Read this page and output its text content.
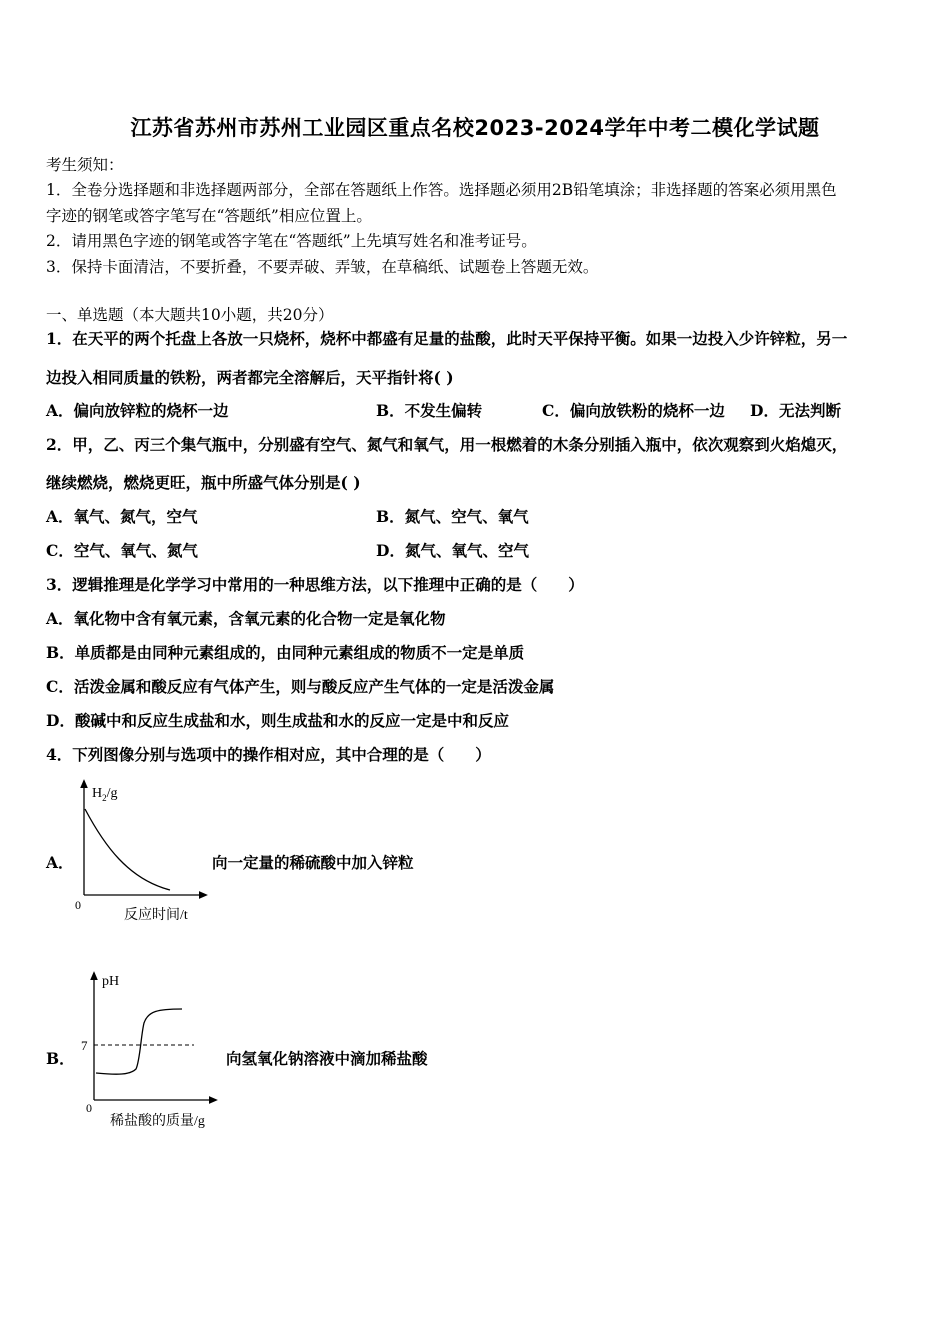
江苏省苏州市苏州工业园区重点名校2023-2024学年中考二模化学试题
考生须知：
1．全卷分选择题和非选择题两部分，全部在答题纸上作答。选择题必须用2B铅笔填涂；非选择题的答案必须用黑色
字迹的钢笔或答字笔写在“答题纸”相应位置上。
2．请用黑色字迹的钢笔或答字笔在“答题纸”上先填写姓名和准考证号。
3．保持卡面清洁，不要折叠，不要弄破、弄皱，在草稿纸、试题卷上答题无效。
一、单选题（本大题共10小题，共20分）
1．在天平的两个托盘上各放一只烧杯，烧杯中都盛有足量的盐酸，此时天平保持平衡。如果一边投入少许锌粒，另一
边投入相同质量的铁粉，两者都完全溶解后，天平指针将( )
A．偏向放锌粒的烧杯一边	B．不发生偏转	C．偏向放铁粉的烧杯一边 D．无法判断
2．甲，乙、丙三个集气瓶中，分别盛有空气、氮气和氧气，用一根燃着的木条分别插入瓶中，依次观察到火焰熄灭，
继续燃烧，燃烧更旺，瓶中所盛气体分别是( )
A．氧气、氮气，空气	B．氮气、空气、氧气
C．空气、氧气、氮气	D．氮气、氧气、空气
3．逻辑推理是化学学习中常用的一种思维方法，以下推理中正确的是（　　）
A．氧化物中含有氧元素，含氧元素的化合物一定是氧化物
B．单质都是由同种元素组成的，由同种元素组成的物质不一定是单质
C．活泼金属和酸反应有气体产生，则与酸反应产生气体的一定是活泼金属
D．酸碱中和反应生成盐和水，则生成盐和水的反应一定是中和反应
4．下列图像分别与选项中的操作相对应，其中合理的是（　　）
A．
$H_2/g$
0
反应时间/t
向一定量的稀硫酸中加入锌粒
B．
pH
7
0
稀盐酸的质量/g
向氢氧化钠溶液中滴加稀盐酸
